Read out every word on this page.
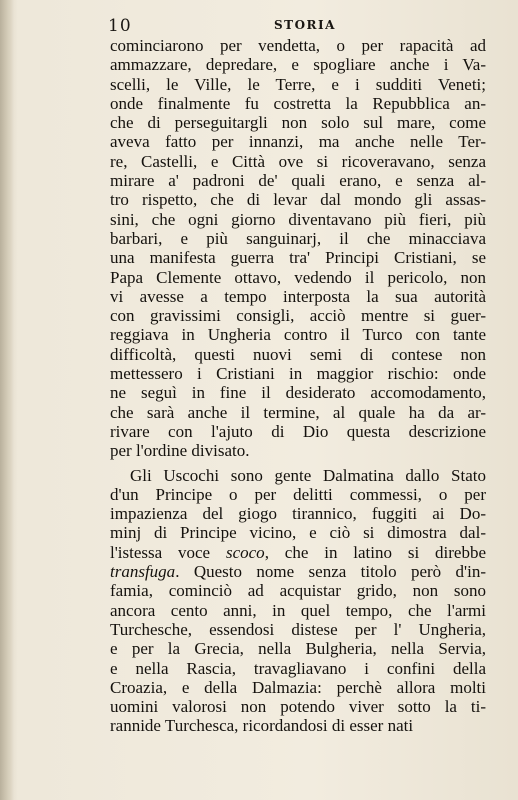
10	STORIA
cominciarono per vendetta, o per rapacità ad
ammazzare, depredare, e spogliare anche i Va-
scelli, le Ville, le Terre, e i sudditi Veneti;
onde finalmente fu costretta la Repubblica an-
che di perseguitargli non solo sul mare, come
aveva fatto per innanzi, ma anche nelle Ter-
re, Castelli, e Città ove si ricoveravano, senza
mirare a' padroni de' quali erano, e senza al-
tro rispetto, che di levar dal mondo gli assas-
sini, che ogni giorno diventavano più fieri, più
barbari, e più sanguinarj, il che minacciava
una manifesta guerra tra' Principi Cristiani, se
Papa Clemente ottavo, vedendo il pericolo, non
vi avesse a tempo interposta la sua autorità
con gravissimi consigli, acciò mentre si guer-
reggiava in Ungheria contro il Turco con tante
difficoltà, questi nuovi semi di contese non
mettessero i Cristiani in maggior rischio: onde
ne seguì in fine il desiderato accomodamento,
che sarà anche il termine, al quale ha da ar-
rivare con l'ajuto di Dio questa descrizione
per l'ordine divisato.
Gli Uscochi sono gente Dalmatina dallo Stato
d'un Principe o per delitti commessi, o per
impazienza del giogo tirannico, fuggiti ai Do-
minj di Principe vicino, e ciò si dimostra dal-
l'istessa voce scoco, che in latino si direbbe
transfuga. Questo nome senza titolo però d'in-
famia, cominciò ad acquistar grido, non sono
ancora cento anni, in quel tempo, che l'armi
Turchesche, essendosi distese per l' Ungheria,
e per la Grecia, nella Bulgheria, nella Servia,
e nella Rascia, travagliavano i confini della
Croazia, e della Dalmazia: perchè allora molti
uomini valorosi non potendo viver sotto la ti-
rannide Turchesca, ricordandosi di esser nati
